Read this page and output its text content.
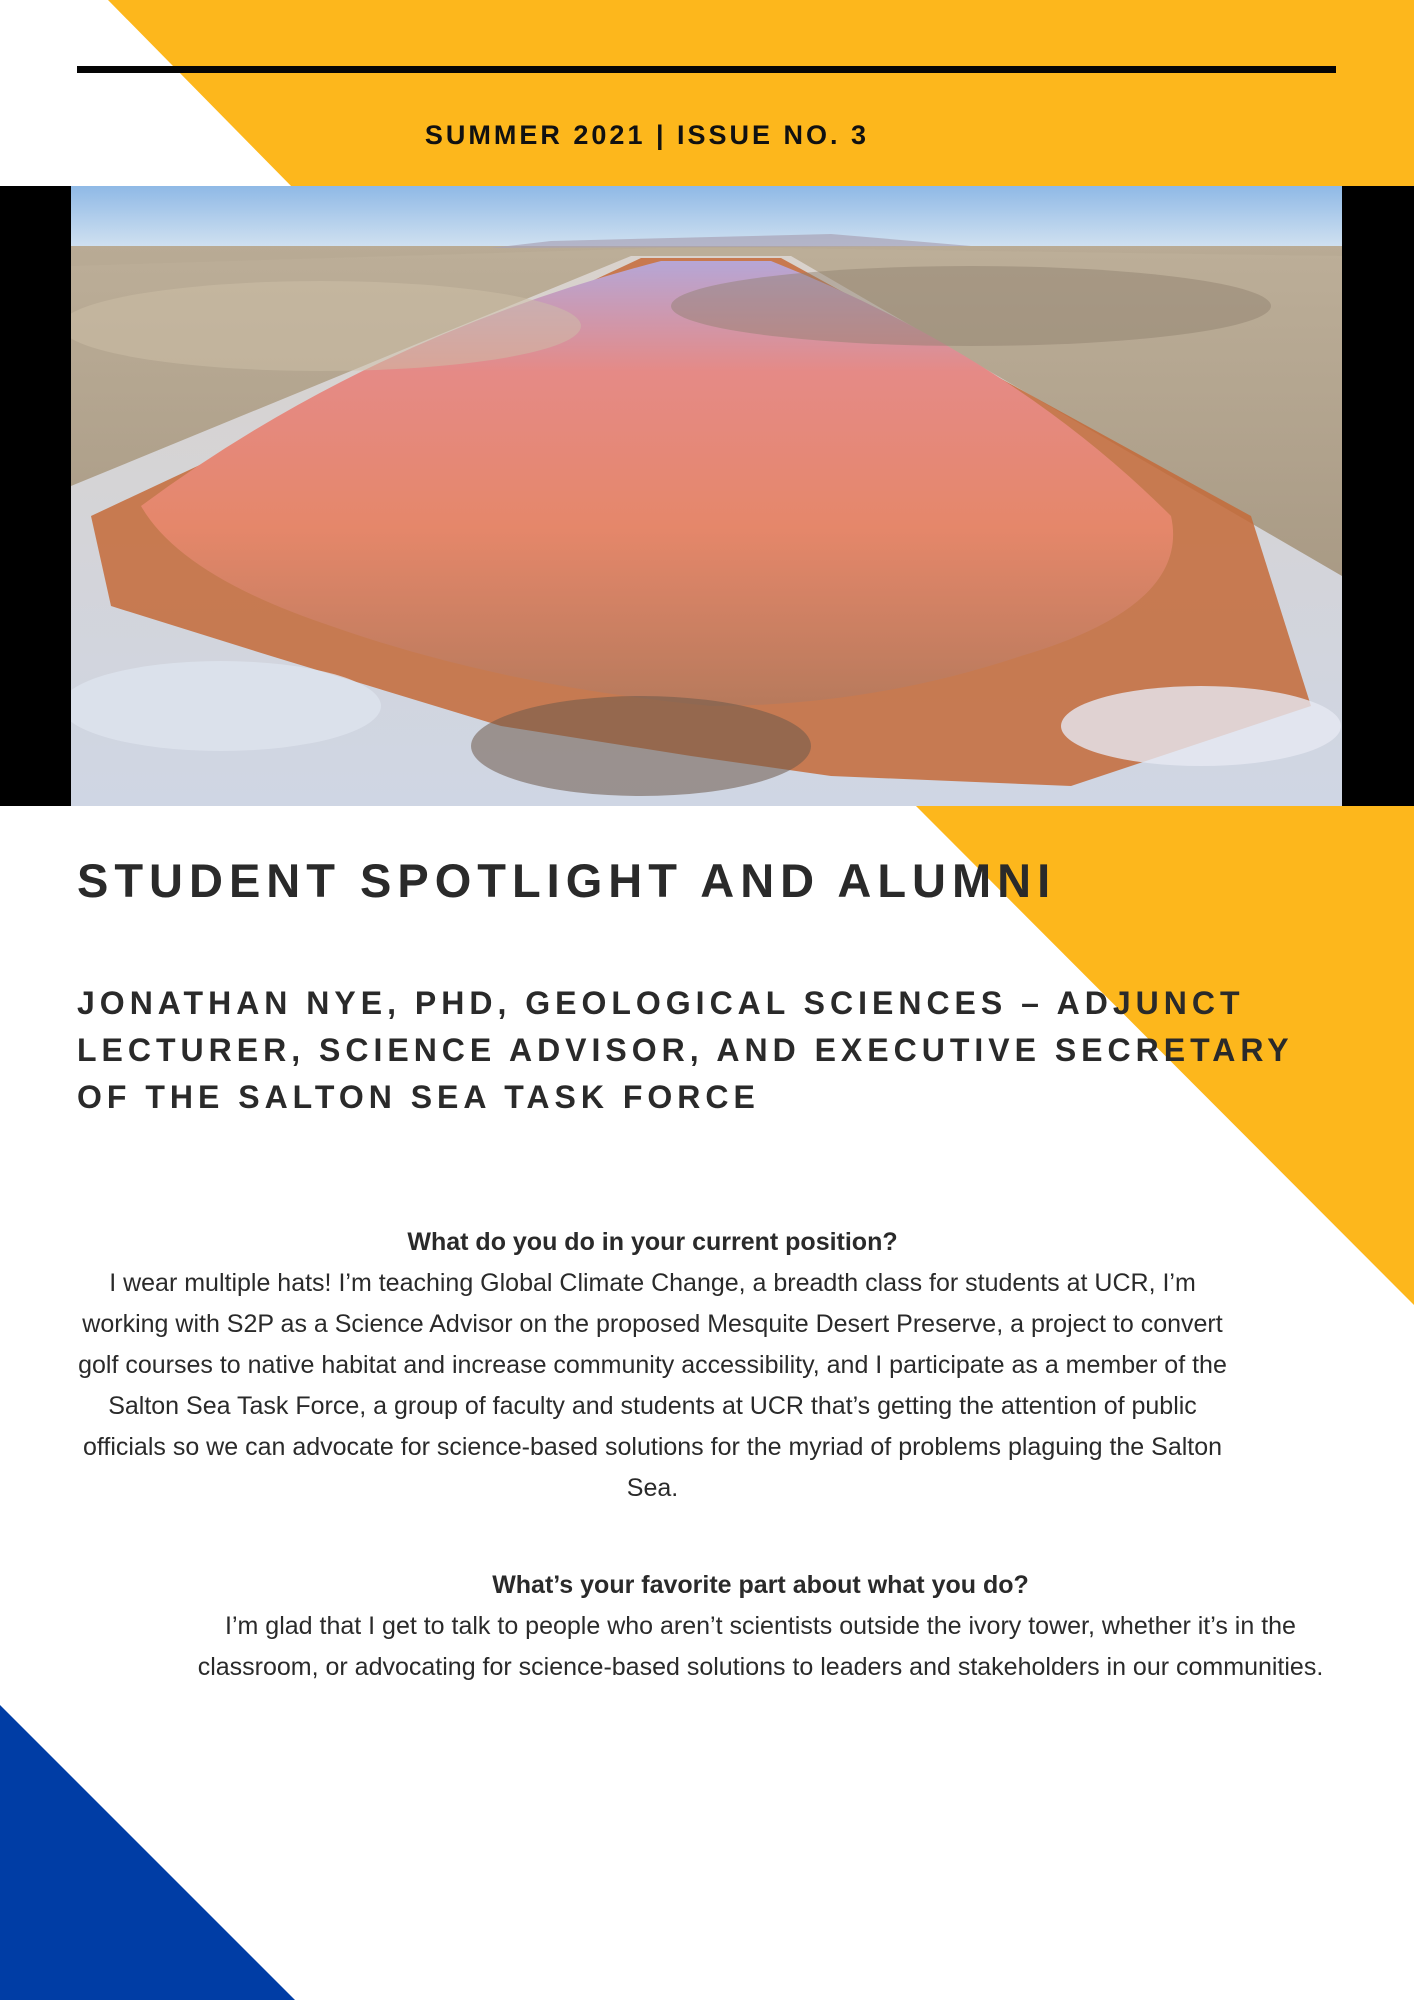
SUMMER 2021 | ISSUE NO. 3
STUDENT SPOTLIGHT AND ALUMNI
JONATHAN NYE, PHD, GEOLOGICAL SCIENCES – ADJUNCT LECTURER, SCIENCE ADVISOR, AND EXECUTIVE SECRETARY OF THE SALTON SEA TASK FORCE

What do you do in your current position?

I wear multiple hats! I’m teaching Global Climate Change, a breadth class for students at UCR, I’m working with S2P as a Science Advisor on the proposed Mesquite Desert Preserve, a project to convert golf courses to native habitat and increase community accessibility, and I participate as a member of the Salton Sea Task Force, a group of faculty and students at UCR that’s getting the attention of public officials so we can advocate for science-based solutions for the myriad of problems plaguing the Salton Sea.

What’s your favorite part about what you do?

I’m glad that I get to talk to people who aren’t scientists outside the ivory tower, whether it’s in the classroom, or advocating for science-based solutions to leaders and stakeholders in our communities.
